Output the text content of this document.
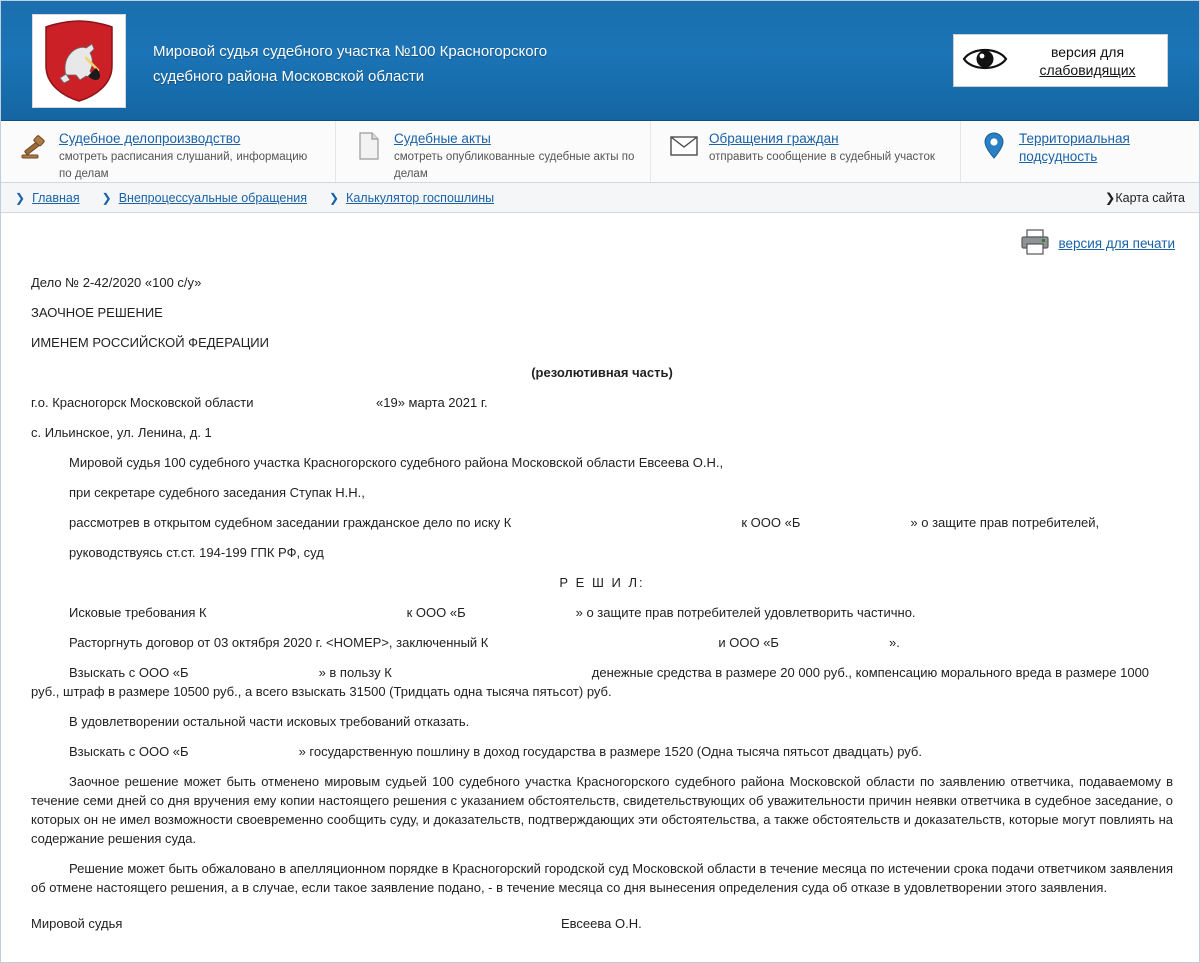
Мировой судья судебного участка №100 Красногорского
судебного района Московской области
версия для
слабовидящих
Судебное делопроизводство
смотреть расписания слушаний, информацию по делам
Судебные акты
смотреть опубликованные судебные акты по делам
Обращения граждан
отправить сообщение в судебный участок
Территориальная
подсудность
❯ Главная ❯ Внепроцессуальные обращения ❯ Калькулятор госпошлины	❯ Карта сайта
версия для печати

Дело № 2-42/2020 «100 с/у»

ЗАОЧНОЕ РЕШЕНИЕ

ИМЕНЕМ РОССИЙСКОЙ ФЕДЕРАЦИИ

(резолютивная часть)

г.о. Красногорск Московской области	«19» марта 2021 г.

с. Ильинское, ул. Ленина, д. 1

Мировой судья 100 судебного участка Красногорского судебного района Московской области Евсеева О.Н.,

при секретаре судебного заседания Ступак Н.Н.,

рассмотрев в открытом судебном заседании гражданское дело по иску К	к ООО «Б	» о защите прав потребителей,

руководствуясь ст.ст. 194-199 ГПК РФ, суд

Р Е Ш И Л:

Исковые требования К	к ООО «Б	» о защите прав потребителей удовлетворить частично.

Расторгнуть договор от 03 октября 2020 г. <НОМЕР>, заключенный К	и ООО «Б	».

Взыскать с ООО «Б	» в пользу К	денежные средства в размере 20 000 руб., компенсацию морального вреда в размере 1000 руб., штраф в размере 10500 руб., а всего взыскать 31500 (Тридцать одна тысяча пятьсот) руб.

В удовлетворении остальной части исковых требований отказать.

Взыскать с ООО «Б	» государственную пошлину в доход государства в размере 1520 (Одна тысяча пятьсот двадцать) руб.

Заочное решение может быть отменено мировым судьей 100 судебного участка Красногорского судебного района Московской области по заявлению ответчика, подаваемому в течение семи дней со дня вручения ему копии настоящего решения с указанием обстоятельств, свидетельствующих об уважительности причин неявки ответчика в судебное заседание, о которых он не имел возможности своевременно сообщить суду, и доказательств, подтверждающих эти обстоятельства, а также обстоятельств и доказательств, которые могут повлиять на содержание решения суда.

Решение может быть обжаловано в апелляционном порядке в Красногорский городской суд Московской области в течение месяца по истечении срока подачи ответчиком заявления об отмене настоящего решения, а в случае, если такое заявление подано, - в течение месяца со дня вынесения определения суда об отказе в удовлетворении этого заявления.

Мировой судья	Евсеева О.Н.
